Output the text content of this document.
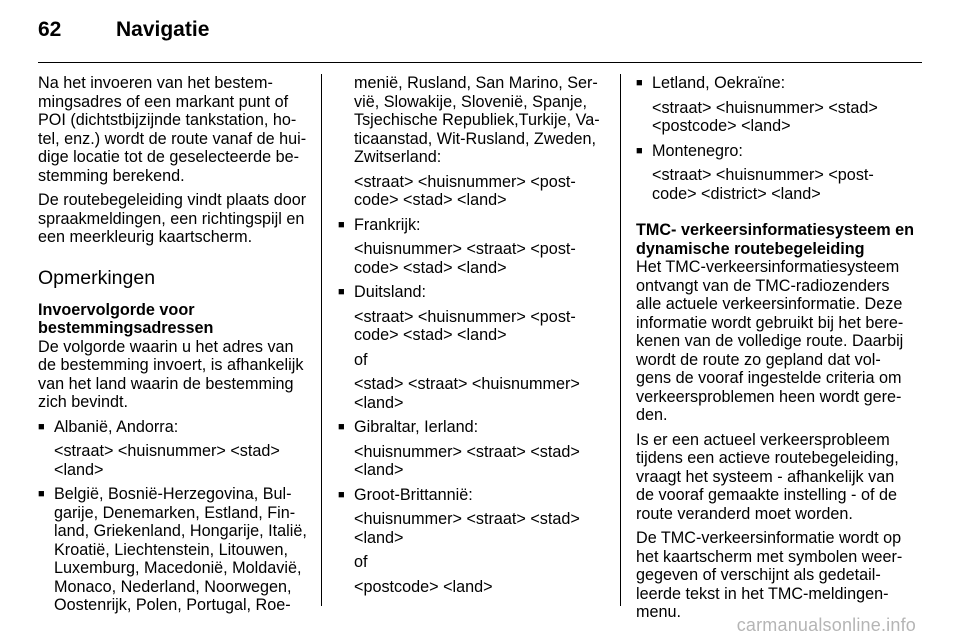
62	Navigatie
Na het invoeren van het bestem-
mingsadres of een markant punt of
POI (dichtstbijzijnde tankstation, ho-
tel, enz.) wordt de route vanaf de hui-
dige locatie tot de geselecteerde be-
stemming berekend.
De routebegeleiding vindt plaats door
spraakmeldingen, een richtingspijl en
een meerkleurig kaartscherm.
Opmerkingen
Invoervolgorde voor
bestemmingsadressen
De volgorde waarin u het adres van
de bestemming invoert, is afhankelijk
van het land waarin de bestemming
zich bevindt.
■ Albanië, Andorra:
<straat> <huisnummer> <stad>
<land>
■ België, Bosnië-Herzegovina, Bul-
garije, Denemarken, Estland, Fin-
land, Griekenland, Hongarije, Italië,
Kroatië, Liechtenstein, Litouwen,
Luxemburg, Macedonië, Moldavië,
Monaco, Nederland, Noorwegen,
Oostenrijk, Polen, Portugal, Roe-
menië, Rusland, San Marino, Ser-
vië, Slowakije, Slovenië, Spanje,
Tsjechische Republiek,Turkije, Va-
ticaanstad, Wit-Rusland, Zweden,
Zwitserland:
<straat> <huisnummer> <post-
code> <stad> <land>
■ Frankrijk:
<huisnummer> <straat> <post-
code> <stad> <land>
■ Duitsland:
<straat> <huisnummer> <post-
code> <stad> <land>
of
<stad> <straat> <huisnummer>
<land>
■ Gibraltar, Ierland:
<huisnummer> <straat> <stad>
<land>
■ Groot-Brittannië:
<huisnummer> <straat> <stad>
<land>
of
<postcode> <land>
■ Letland, Oekraïne:
<straat> <huisnummer> <stad>
<postcode> <land>
■ Montenegro:
<straat> <huisnummer> <post-
code> <district> <land>
TMC- verkeersinformatiesysteem en
dynamische routebegeleiding
Het TMC-verkeersinformatiesysteem
ontvangt van de TMC-radiozenders
alle actuele verkeersinformatie. Deze
informatie wordt gebruikt bij het bere-
kenen van de volledige route. Daarbij
wordt de route zo gepland dat vol-
gens de vooraf ingestelde criteria om
verkeersproblemen heen wordt gere-
den.
Is er een actueel verkeersprobleem
tijdens een actieve routebegeleiding,
vraagt het systeem - afhankelijk van
de vooraf gemaakte instelling - of de
route veranderd moet worden.
De TMC-verkeersinformatie wordt op
het kaartscherm met symbolen weer-
gegeven of verschijnt als gedetail-
leerde tekst in het TMC-meldingen-
menu.
carmanualsonline.info
